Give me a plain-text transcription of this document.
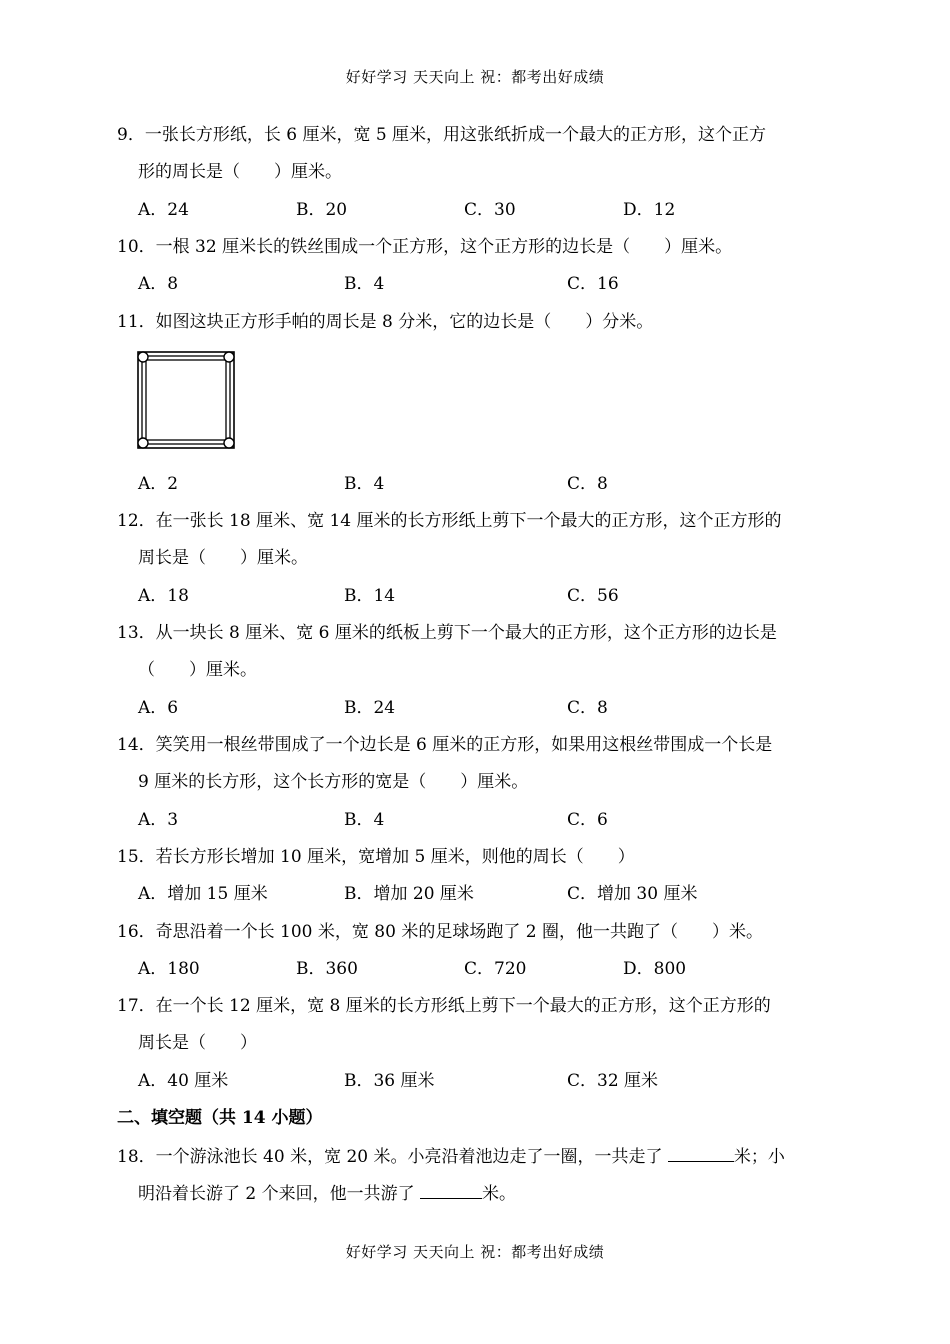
好好学习 天天向上 祝：都考出好成绩
9．一张长方形纸，长 6 厘米，宽 5 厘米，用这张纸折成一个最大的正方形，这个正方
形的周长是（　　）厘米。
A．24	B．20	C．30	D．12
10．一根 32 厘米长的铁丝围成一个正方形，这个正方形的边长是（　　）厘米。
A．8	B．4	C．16
11．如图这块正方形手帕的周长是 8 分米，它的边长是（　　）分米。
A．2	B．4	C．8
12．在一张长 18 厘米、宽 14 厘米的长方形纸上剪下一个最大的正方形，这个正方形的
周长是（　　）厘米。
A．18	B．14	C．56
13．从一块长 8 厘米、宽 6 厘米的纸板上剪下一个最大的正方形，这个正方形的边长是
（　　）厘米。
A．6	B．24	C．8
14．笑笑用一根丝带围成了一个边长是 6 厘米的正方形，如果用这根丝带围成一个长是
9 厘米的长方形，这个长方形的宽是（　　）厘米。
A．3	B．4	C．6
15．若长方形长增加 10 厘米，宽增加 5 厘米，则他的周长（　　）
A．增加 15 厘米	B．增加 20 厘米	C．增加 30 厘米
16．奇思沿着一个长 100 米，宽 80 米的足球场跑了 2 圈，他一共跑了（　　）米。
A．180	B．360	C．720	D．800
17．在一个长 12 厘米，宽 8 厘米的长方形纸上剪下一个最大的正方形，这个正方形的
周长是（　　）
A．40 厘米	B．36 厘米	C．32 厘米
二、填空题（共 14 小题）
18．一个游泳池长 40 米，宽 20 米。小亮沿着池边走了一圈，一共走了	米；小
明沿着长游了 2 个来回，他一共游了	米。
好好学习 天天向上 祝：都考出好成绩
